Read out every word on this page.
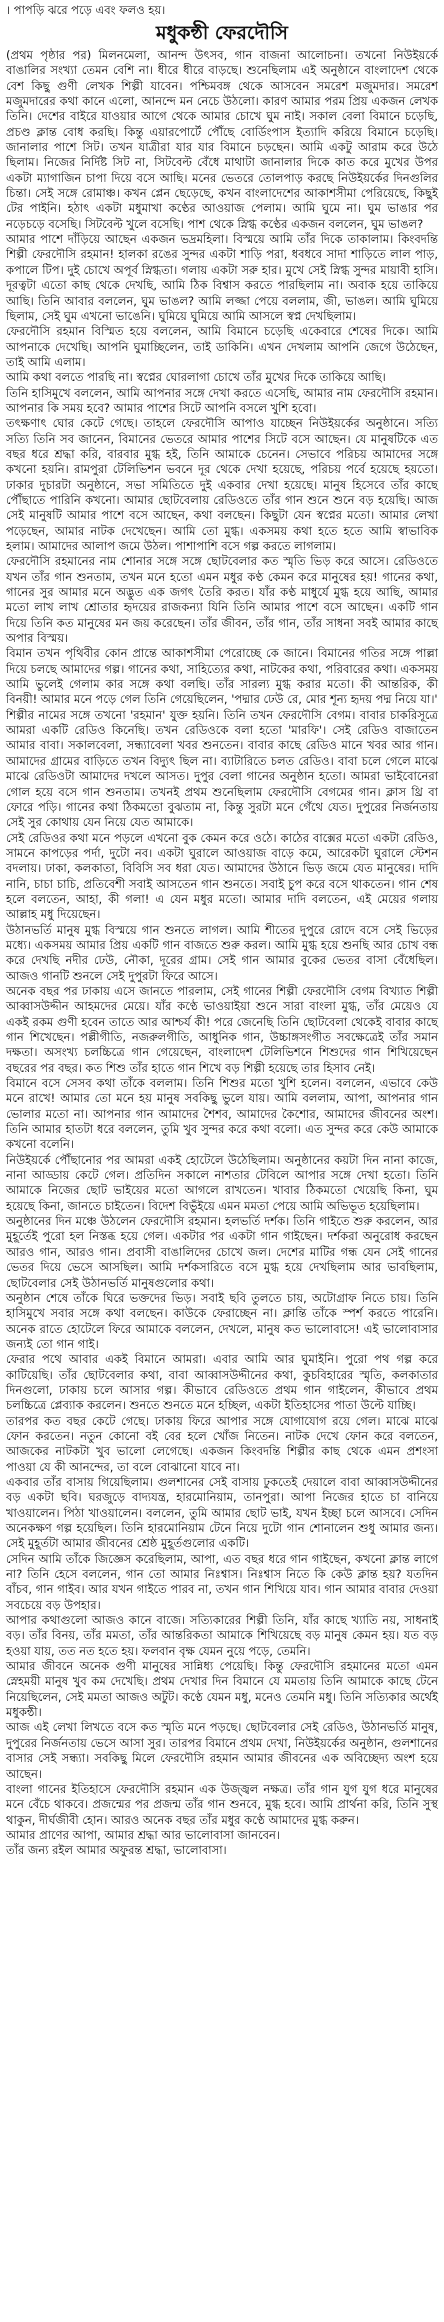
। পাপড়ি ঝরে পড়ে এবং ফলও হয়।

মধুকন্ঠী ফেরদৌসি

(প্রথম পৃষ্ঠার পর) মিলনমেলা, আনন্দ উৎসব, গান বাজনা আলোচনা। তখনো নিউইয়র্কে বাঙালির সংখ্যা তেমন বেশি না। ধীরে ধীরে বাড়ছে। শুনেছিলাম এই অনুষ্ঠানে বাংলাদেশ থেকে বেশ কিছু গুণী লেখক শিল্পী যাবেন। পশ্চিমবঙ্গ থেকে আসবেন সমরেশ মজুমদার। সমরেশ মজুমদারের কথা কানে এলো, আনন্দে মন নেচে উঠলো। কারণ আমার পরম প্রিয় একজন লেখক তিনি। দেশের বাইরে যাওয়ার আগে থেকে আমার চোখে ঘুম নাই। সকাল বেলা বিমানে চড়েছি, প্রচণ্ড ক্লান্ত বোধ করছি। কিন্তু এয়ারপোর্টে পৌঁছে বোর্ডিংপাস ইত্যাদি করিয়ে বিমানে চড়েছি। জানালার পাশে সিট। তখন যাত্রীরা যার যার বিমানে চড়ছেন। আমি একটু আরাম করে উঠে ছিলাম। নিজের নির্দিষ্ট সিট না, সিটবেল্ট বেঁধে মাথাটা জানালার দিকে কাত করে মুখের উপর একটা ম্যাগাজিন চাপা দিয়ে বসে আছি। মনের ভেতরে তোলপাড় করছে নিউইয়র্কের দিনগুলির চিন্তা। সেই সঙ্গে রোমাঞ্চ। কখন প্লেন ছেড়েছে, কখন বাংলাদেশের আকাশসীমা পেরিয়েছে, কিছুই টের পাইনি। হঠাৎ একটা মধুমাখা কণ্ঠের আওয়াজ পেলাম। আমি ঘুমে না। ঘুম ভাঙার পর নড়েচড়ে বসেছি। সিটবেল্ট খুলে বসেছি। পাশ থেকে স্নিগ্ধ কণ্ঠের একজন বললেন, ঘুম ভাঙল?

আমার পাশে দাঁড়িয়ে আছেন একজন ভদ্রমহিলা। বিস্ময়ে আমি তাঁর দিকে তাকালাম। কিংবদন্তি শিল্পী ফেরদৌসি রহমান! হালকা রঙের সুন্দর একটা শাড়ি পরা, ধবধবে সাদা শাড়িতে লাল পাড়, কপালে টিপ। দুই চোখে অপূর্ব স্নিগ্ধতা। গলায় একটা সরু হার। মুখে সেই স্নিগ্ধ সুন্দর মায়াবী হাসি। দূরত্বটা এতো কাছ থেকে দেখছি, আমি ঠিক বিশ্বাস করতে পারছিলাম না। অবাক হয়ে তাকিয়ে আছি। তিনি আবার বললেন, ঘুম ভাঙল? আমি লজ্জা পেয়ে বললাম, জী, ভাঙল। আমি ঘুমিয়ে ছিলাম, সেই ঘুম এখনো ভাঙেনি। ঘুমিয়ে ঘুমিয়ে আমি আসলে স্বপ্ন দেখছিলাম।

ফেরদৌসি রহমান বিস্মিত হয়ে বললেন, আমি বিমানে চড়েছি একেবারে শেষের দিকে। আমি আপনাকে দেখেছি। আপনি ঘুমাচ্ছিলেন, তাই ডাকিনি। এখন দেখলাম আপনি জেগে উঠেছেন, তাই আমি এলাম।

আমি কথা বলতে পারছি না। স্বপ্নের ঘোরলাগা চোখে তাঁর মুখের দিকে তাকিয়ে আছি।

তিনি হাসিমুখে বললেন, আমি আপনার সঙ্গে দেখা করতে এসেছি, আমার নাম ফেরদৌসি রহমান। আপনার কি সময় হবে? আমার পাশের সিটে আপনি বসলে খুশি হবো।

তৎক্ষণাৎ ঘোর কেটে গেছে। তাহলে ফেরদৌসি আপাও যাচ্ছেন নিউইয়র্কের অনুষ্ঠানে। সত্যি সত্যি তিনি সব জানেন, বিমানের ভেতরে আমার পাশের সিটে বসে আছেন। যে মানুষটিকে এত বছর ধরে শ্রদ্ধা করি, বারবার মুগ্ধ হই, তিনি আমাকে চেনেন। সেভাবে পরিচয় আমাদের সঙ্গে কখনো হয়নি। রামপুরা টেলিভিশন ভবনে দূর থেকে দেখা হয়েছে, পরিচয় পর্বে হয়েছে হয়তো। ঢাকার দুচারটা অনুষ্ঠানে, সভা সমিতিতে দুই একবার দেখা হয়েছে। মানুষ হিসেবে তাঁর কাছে পৌঁছাতে পারিনি কখনো। আমার ছোটবেলায় রেডিওতে তাঁর গান শুনে শুনে বড় হয়েছি। আজ সেই মানুষটি আমার পাশে বসে আছেন, কথা বলছেন। কিছুটা যেন স্বপ্নের মতো। আমার লেখা পড়েছেন, আমার নাটক দেখেছেন। আমি তো মুগ্ধ। একসময় কথা হতে হতে আমি স্বাভাবিক হলাম। আমাদের আলাপ জমে উঠল। পাশাপাশি বসে গল্প করতে লাগলাম।

ফেরদৌসি রহমানের নাম শোনার সঙ্গে সঙ্গে ছোটবেলার কত স্মৃতি ভিড় করে আসে। রেডিওতে যখন তাঁর গান শুনতাম, তখন মনে হতো এমন মধুর কণ্ঠ কেমন করে মানুষের হয়! গানের কথা, গানের সুর আমার মনে অদ্ভুত এক জগৎ তৈরি করত। যাঁর কণ্ঠ মাধুর্যে মুগ্ধ হয়ে আছি, আমার মতো লাখ লাখ শ্রোতার হৃদয়ের রাজকন্যা যিনি তিনি আমার পাশে বসে আছেন। একটি গান দিয়ে তিনি কত মানুষের মন জয় করেছেন। তাঁর জীবন, তাঁর গান, তাঁর সাধনা সবই আমার কাছে অপার বিস্ময়।

বিমান তখন পৃথিবীর কোন প্রান্তে আকাশসীমা পেরোচ্ছে কে জানে। বিমানের গতির সঙ্গে পাল্লা দিয়ে চলছে আমাদের গল্প। গানের কথা, সাহিত্যের কথা, নাটকের কথা, পরিবারের কথা। একসময় আমি ভুলেই গেলাম কার সঙ্গে কথা বলছি। তাঁর সারল্য মুগ্ধ করার মতো। কী আন্তরিক, কী বিনয়ী! আমার মনে পড়ে গেল তিনি গেয়েছিলেন, 'পদ্মার ঢেউ রে, মোর শূন্য হৃদয় পদ্ম নিয়ে যা।'

শিল্পীর নামের সঙ্গে তখনো 'রহমান' যুক্ত হয়নি। তিনি তখন ফেরদৌসি বেগম। বাবার চাকরিসূত্রে আমরা একটি রেডিও কিনেছি। তখন রেডিওকে বলা হতো 'মারফি'। সেই রেডিও বাজাতেন আমার বাবা। সকালবেলা, সন্ধ্যাবেলা খবর শুনতেন। বাবার কাছে রেডিও মানে খবর আর গান। আমাদের গ্রামের বাড়িতে তখন বিদ্যুৎ ছিল না। ব্যাটারিতে চলত রেডিও। বাবা চলে গেলে মাঝে মাঝে রেডিওটা আমাদের দখলে আসত। দুপুর বেলা গানের অনুষ্ঠান হতো। আমরা ভাইবোনেরা গোল হয়ে বসে গান শুনতাম। তখনই প্রথম শুনেছিলাম ফেরদৌসি বেগমের গান। ক্লাস থ্রি বা ফোরে পড়ি। গানের কথা ঠিকমতো বুঝতাম না, কিন্তু সুরটা মনে গেঁথে যেত। দুপুরের নির্জনতায় সেই সুর কোথায় যেন নিয়ে যেত আমাকে।

সেই রেডিওর কথা মনে পড়লে এখনো বুক কেমন করে ওঠে। কাঠের বাক্সের মতো একটা রেডিও, সামনে কাপড়ের পর্দা, দুটো নব। একটা ঘুরালে আওয়াজ বাড়ে কমে, আরেকটা ঘুরালে স্টেশন বদলায়। ঢাকা, কলকাতা, বিবিসি সব ধরা যেত। আমাদের উঠানে ভিড় জমে যেত মানুষের। দাদি নানি, চাচা চাচি, প্রতিবেশী সবাই আসতেন গান শুনতে। সবাই চুপ করে বসে থাকতেন। গান শেষ হলে বলতেন, আহা, কী গলা! এ যেন মধুর মতো। আমার দাদি বলতেন, এই মেয়ের গলায় আল্লাহ মধু দিয়েছেন।

উঠানভর্তি মানুষ মুগ্ধ বিস্ময়ে গান শুনতে লাগল। আমি শীতের দুপুরে রোদে বসে সেই ভিড়ের মধ্যে। একসময় আমার প্রিয় একটি গান বাজতে শুরু করল। আমি মুগ্ধ হয়ে শুনছি আর চোখ বন্ধ করে দেখছি নদীর ঢেউ, নৌকা, দূরের গ্রাম। সেই গান আমার বুকের ভেতর বাসা বেঁধেছিল। আজও গানটি শুনলে সেই দুপুরটা ফিরে আসে।

অনেক বছর পর ঢাকায় এসে জানতে পারলাম, সেই গানের শিল্পী ফেরদৌসি বেগম বিখ্যাত শিল্পী আব্বাসউদ্দীন আহমদের মেয়ে। যাঁর কণ্ঠে ভাওয়াইয়া শুনে সারা বাংলা মুগ্ধ, তাঁর মেয়েও যে একই রকম গুণী হবেন তাতে আর আশ্চর্য কী! পরে জেনেছি তিনি ছোটবেলা থেকেই বাবার কাছে গান শিখেছেন। পল্লীগীতি, নজরুলগীতি, আধুনিক গান, উচ্চাঙ্গসংগীত সবক্ষেত্রেই তাঁর সমান দক্ষতা। অসংখ্য চলচ্চিত্রে গান গেয়েছেন, বাংলাদেশ টেলিভিশনে শিশুদের গান শিখিয়েছেন বছরের পর বছর। কত শিশু তাঁর হাতে গান শিখে বড় শিল্পী হয়েছে তার হিসাব নেই।

বিমানে বসে সেসব কথা তাঁকে বললাম। তিনি শিশুর মতো খুশি হলেন। বললেন, এভাবে কেউ মনে রাখে! আমার তো মনে হয় মানুষ সবকিছু ভুলে যায়। আমি বললাম, আপা, আপনার গান ভোলার মতো না। আপনার গান আমাদের শৈশব, আমাদের কৈশোর, আমাদের জীবনের অংশ। তিনি আমার হাতটা ধরে বললেন, তুমি খুব সুন্দর করে কথা বলো। এত সুন্দর করে কেউ আমাকে কখনো বলেনি।

নিউইয়র্কে পৌঁছানোর পর আমরা একই হোটেলে উঠেছিলাম। অনুষ্ঠানের কয়টা দিন নানা কাজে, নানা আড্ডায় কেটে গেল। প্রতিদিন সকালে নাশতার টেবিলে আপার সঙ্গে দেখা হতো। তিনি আমাকে নিজের ছোট ভাইয়ের মতো আগলে রাখতেন। খাবার ঠিকমতো খেয়েছি কিনা, ঘুম হয়েছে কিনা, জানতে চাইতেন। বিদেশ বিভুঁইয়ে এমন মমতা পেয়ে আমি অভিভূত হয়েছিলাম।

অনুষ্ঠানের দিন মঞ্চে উঠলেন ফেরদৌসি রহমান। হলভর্তি দর্শক। তিনি গাইতে শুরু করলেন, আর মুহূর্তেই পুরো হল নিস্তব্ধ হয়ে গেল। একটার পর একটা গান গাইছেন। দর্শকরা অনুরোধ করছেন আরও গান, আরও গান। প্রবাসী বাঙালিদের চোখে জল। দেশের মাটির গন্ধ যেন সেই গানের ভেতর দিয়ে ভেসে আসছিল। আমি দর্শকসারিতে বসে মুগ্ধ হয়ে দেখছিলাম আর ভাবছিলাম, ছোটবেলার সেই উঠানভর্তি মানুষগুলোর কথা।

অনুষ্ঠান শেষে তাঁকে ঘিরে ভক্তদের ভিড়। সবাই ছবি তুলতে চায়, অটোগ্রাফ নিতে চায়। তিনি হাসিমুখে সবার সঙ্গে কথা বলছেন। কাউকে ফেরাচ্ছেন না। ক্লান্তি তাঁকে স্পর্শ করতে পারেনি। অনেক রাতে হোটেলে ফিরে আমাকে বললেন, দেখলে, মানুষ কত ভালোবাসে! এই ভালোবাসার জন্যই তো গান গাই।

ফেরার পথে আবার একই বিমানে আমরা। এবার আমি আর ঘুমাইনি। পুরো পথ গল্প করে কাটিয়েছি। তাঁর ছোটবেলার কথা, বাবা আব্বাসউদ্দীনের কথা, কুচবিহারের স্মৃতি, কলকাতার দিনগুলো, ঢাকায় চলে আসার গল্প। কীভাবে রেডিওতে প্রথম গান গাইলেন, কীভাবে প্রথম চলচ্চিত্রে প্লেব্যাক করলেন। শুনতে শুনতে মনে হচ্ছিল, একটা ইতিহাসের পাতা উল্টে যাচ্ছি।

তারপর কত বছর কেটে গেছে। ঢাকায় ফিরে আপার সঙ্গে যোগাযোগ রয়ে গেল। মাঝে মাঝে ফোন করতেন। নতুন কোনো বই বের হলে খোঁজ নিতেন। নাটক দেখে ফোন করে বলতেন, আজকের নাটকটা খুব ভালো লেগেছে। একজন কিংবদন্তি শিল্পীর কাছ থেকে এমন প্রশংসা পাওয়া যে কী আনন্দের, তা বলে বোঝানো যাবে না।

একবার তাঁর বাসায় গিয়েছিলাম। গুলশানের সেই বাসায় ঢুকতেই দেয়ালে বাবা আব্বাসউদ্দীনের বড় একটা ছবি। ঘরজুড়ে বাদ্যযন্ত্র, হারমোনিয়াম, তানপুরা। আপা নিজের হাতে চা বানিয়ে খাওয়ালেন। পিঠা খাওয়ালেন। বললেন, তুমি আমার ছোট ভাই, যখন ইচ্ছা চলে আসবে। সেদিন অনেকক্ষণ গল্প হয়েছিল। তিনি হারমোনিয়াম টেনে নিয়ে দুটো গান শোনালেন শুধু আমার জন্য। সেই মুহূর্তটা আমার জীবনের শ্রেষ্ঠ মুহূর্তগুলোর একটি।

সেদিন আমি তাঁকে জিজ্ঞেস করেছিলাম, আপা, এত বছর ধরে গান গাইছেন, কখনো ক্লান্ত লাগে না? তিনি হেসে বললেন, গান তো আমার নিঃশ্বাস। নিঃশ্বাস নিতে কি কেউ ক্লান্ত হয়? যতদিন বাঁচব, গান গাইব। আর যখন গাইতে পারব না, তখন গান শিখিয়ে যাব। গান আমার বাবার দেওয়া সবচেয়ে বড় উপহার।

আপার কথাগুলো আজও কানে বাজে। সত্যিকারের শিল্পী তিনি, যাঁর কাছে খ্যাতি নয়, সাধনাই বড়। তাঁর বিনয়, তাঁর মমতা, তাঁর আন্তরিকতা আমাকে শিখিয়েছে বড় মানুষ কেমন হয়। যত বড় হওয়া যায়, তত নত হতে হয়। ফলবান বৃক্ষ যেমন নুয়ে পড়ে, তেমনি।

আমার জীবনে অনেক গুণী মানুষের সান্নিধ্য পেয়েছি। কিন্তু ফেরদৌসি রহমানের মতো এমন স্নেহময়ী মানুষ খুব কম দেখেছি। প্রথম দেখার দিন বিমানে যে মমতায় তিনি আমাকে কাছে টেনে নিয়েছিলেন, সেই মমতা আজও অটুট। কণ্ঠে যেমন মধু, মনেও তেমনি মধু। তিনি সত্যিকার অর্থেই মধুকন্ঠী।

আজ এই লেখা লিখতে বসে কত স্মৃতি মনে পড়ছে। ছোটবেলার সেই রেডিও, উঠানভর্তি মানুষ, দুপুরের নির্জনতায় ভেসে আসা সুর। তারপর বিমানে প্রথম দেখা, নিউইয়র্কের অনুষ্ঠান, গুলশানের বাসার সেই সন্ধ্যা। সবকিছু মিলে ফেরদৌসি রহমান আমার জীবনের এক অবিচ্ছেদ্য অংশ হয়ে আছেন।

বাংলা গানের ইতিহাসে ফেরদৌসি রহমান এক উজ্জ্বল নক্ষত্র। তাঁর গান যুগ যুগ ধরে মানুষের মনে বেঁচে থাকবে। প্রজন্মের পর প্রজন্ম তাঁর গান শুনবে, মুগ্ধ হবে। আমি প্রার্থনা করি, তিনি সুস্থ থাকুন, দীর্ঘজীবী হোন। আরও অনেক বছর তাঁর মধুর কণ্ঠে আমাদের মুগ্ধ করুন।

আমার প্রাণের আপা, আমার শ্রদ্ধা আর ভালোবাসা জানবেন।

তাঁর জন্য রইল আমার অফুরন্ত শ্রদ্ধা, ভালোবাসা।
